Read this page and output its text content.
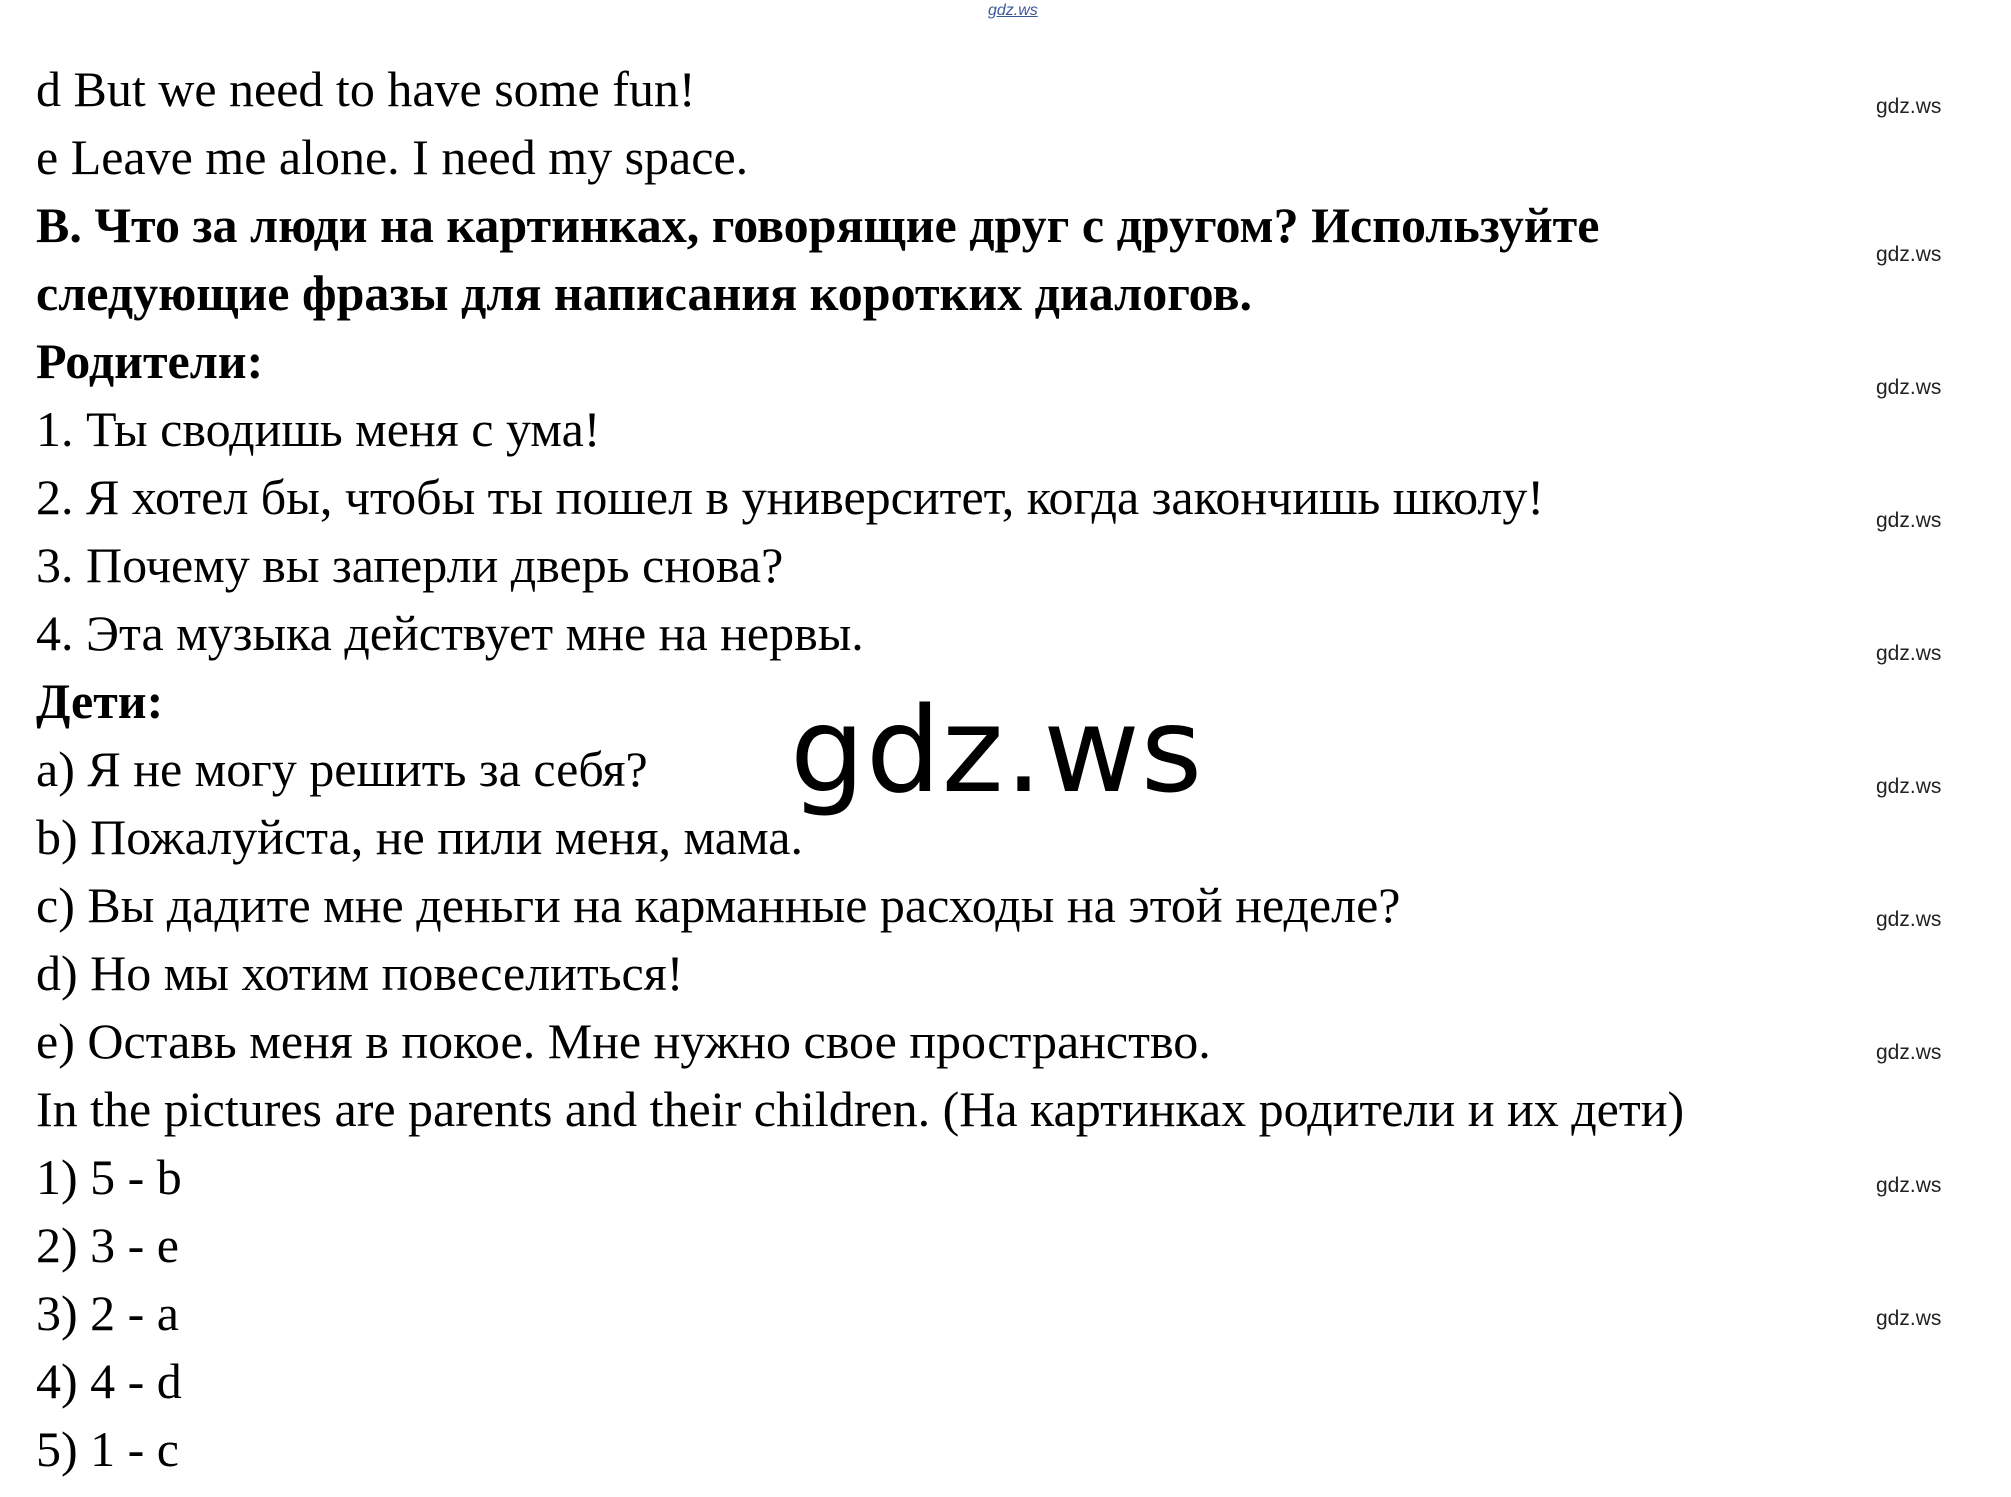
gdz.ws
d But we need to have some fun!
e Leave me alone. I need my space.
B. Что за люди на картинках, говорящие друг с другом? Используйте
следующие фразы для написания коротких диалогов.
Родители:
1. Ты сводишь меня с ума!
2. Я хотел бы, чтобы ты пошел в университет, когда закончишь школу!
3. Почему вы заперли дверь снова?
4. Эта музыка действует мне на нервы.
Дети:
a) Я не могу решить за себя?
b) Пожалуйста, не пили меня, мама.
c) Вы дадите мне деньги на карманные расходы на этой неделе?
d) Но мы хотим повеселиться!
e) Оставь меня в покое. Мне нужно свое пространство.
In the pictures are parents and their children. (На картинках родители и их дети)
1) 5 - b
2) 3 - e
3) 2 - a
4) 4 - d
5) 1 - c
gdz.ws
gdz.ws
gdz.ws
gdz.ws
gdz.ws
gdz.ws
gdz.ws
gdz.ws
gdz.ws
gdz.ws
gdz.ws
